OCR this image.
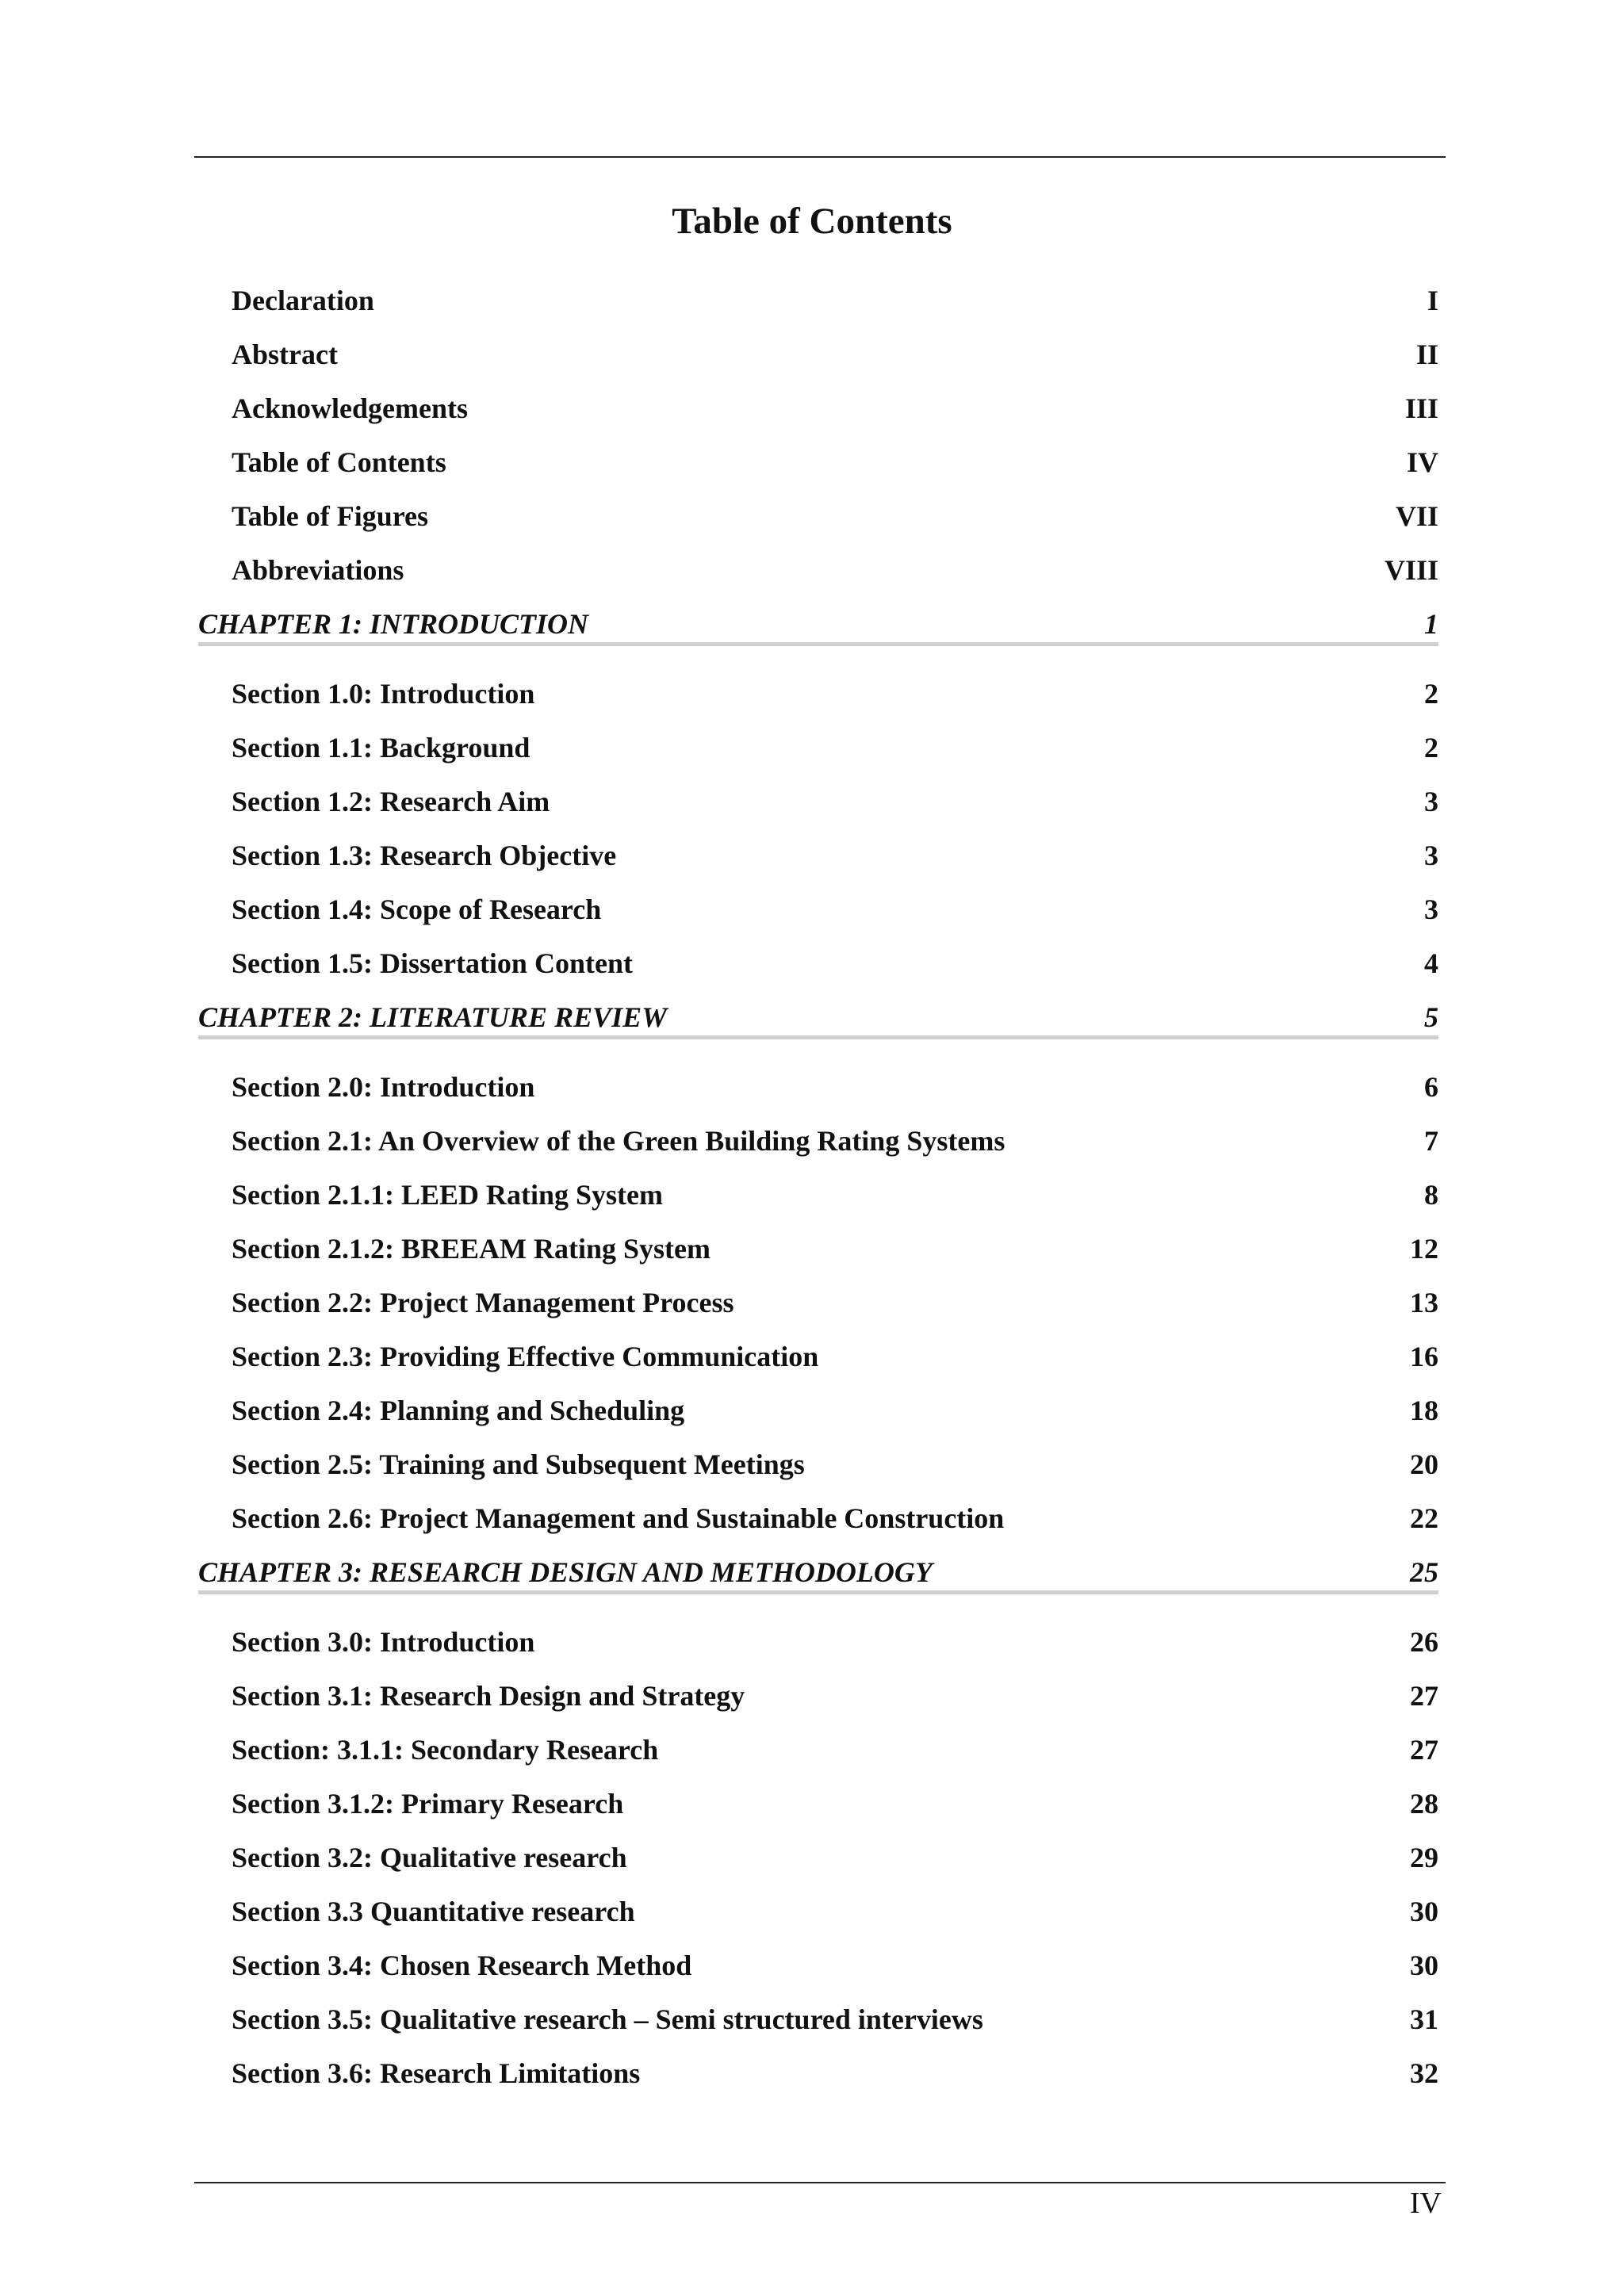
Table of Contents
Declaration	I
Abstract	II
Acknowledgements	III
Table of Contents	IV
Table of Figures	VII
Abbreviations	VIII
CHAPTER 1: INTRODUCTION	1
Section 1.0: Introduction	2
Section 1.1: Background	2
Section 1.2: Research Aim	3
Section 1.3: Research Objective	3
Section 1.4: Scope of Research	3
Section 1.5: Dissertation Content	4
CHAPTER 2: LITERATURE REVIEW	5
Section 2.0: Introduction	6
Section 2.1: An Overview of the Green Building Rating Systems	7
Section 2.1.1: LEED Rating System	8
Section 2.1.2: BREEAM Rating System	12
Section 2.2: Project Management Process	13
Section 2.3: Providing Effective Communication	16
Section 2.4: Planning and Scheduling	18
Section 2.5: Training and Subsequent Meetings	20
Section 2.6: Project Management and Sustainable Construction	22
CHAPTER 3: RESEARCH DESIGN AND METHODOLOGY	25
Section 3.0: Introduction	26
Section 3.1: Research Design and Strategy	27
Section: 3.1.1: Secondary Research	27
Section 3.1.2: Primary Research	28
Section 3.2: Qualitative research	29
Section 3.3 Quantitative research	30
Section 3.4: Chosen Research Method	30
Section 3.5: Qualitative research – Semi structured interviews	31
Section 3.6: Research Limitations	32
IV
